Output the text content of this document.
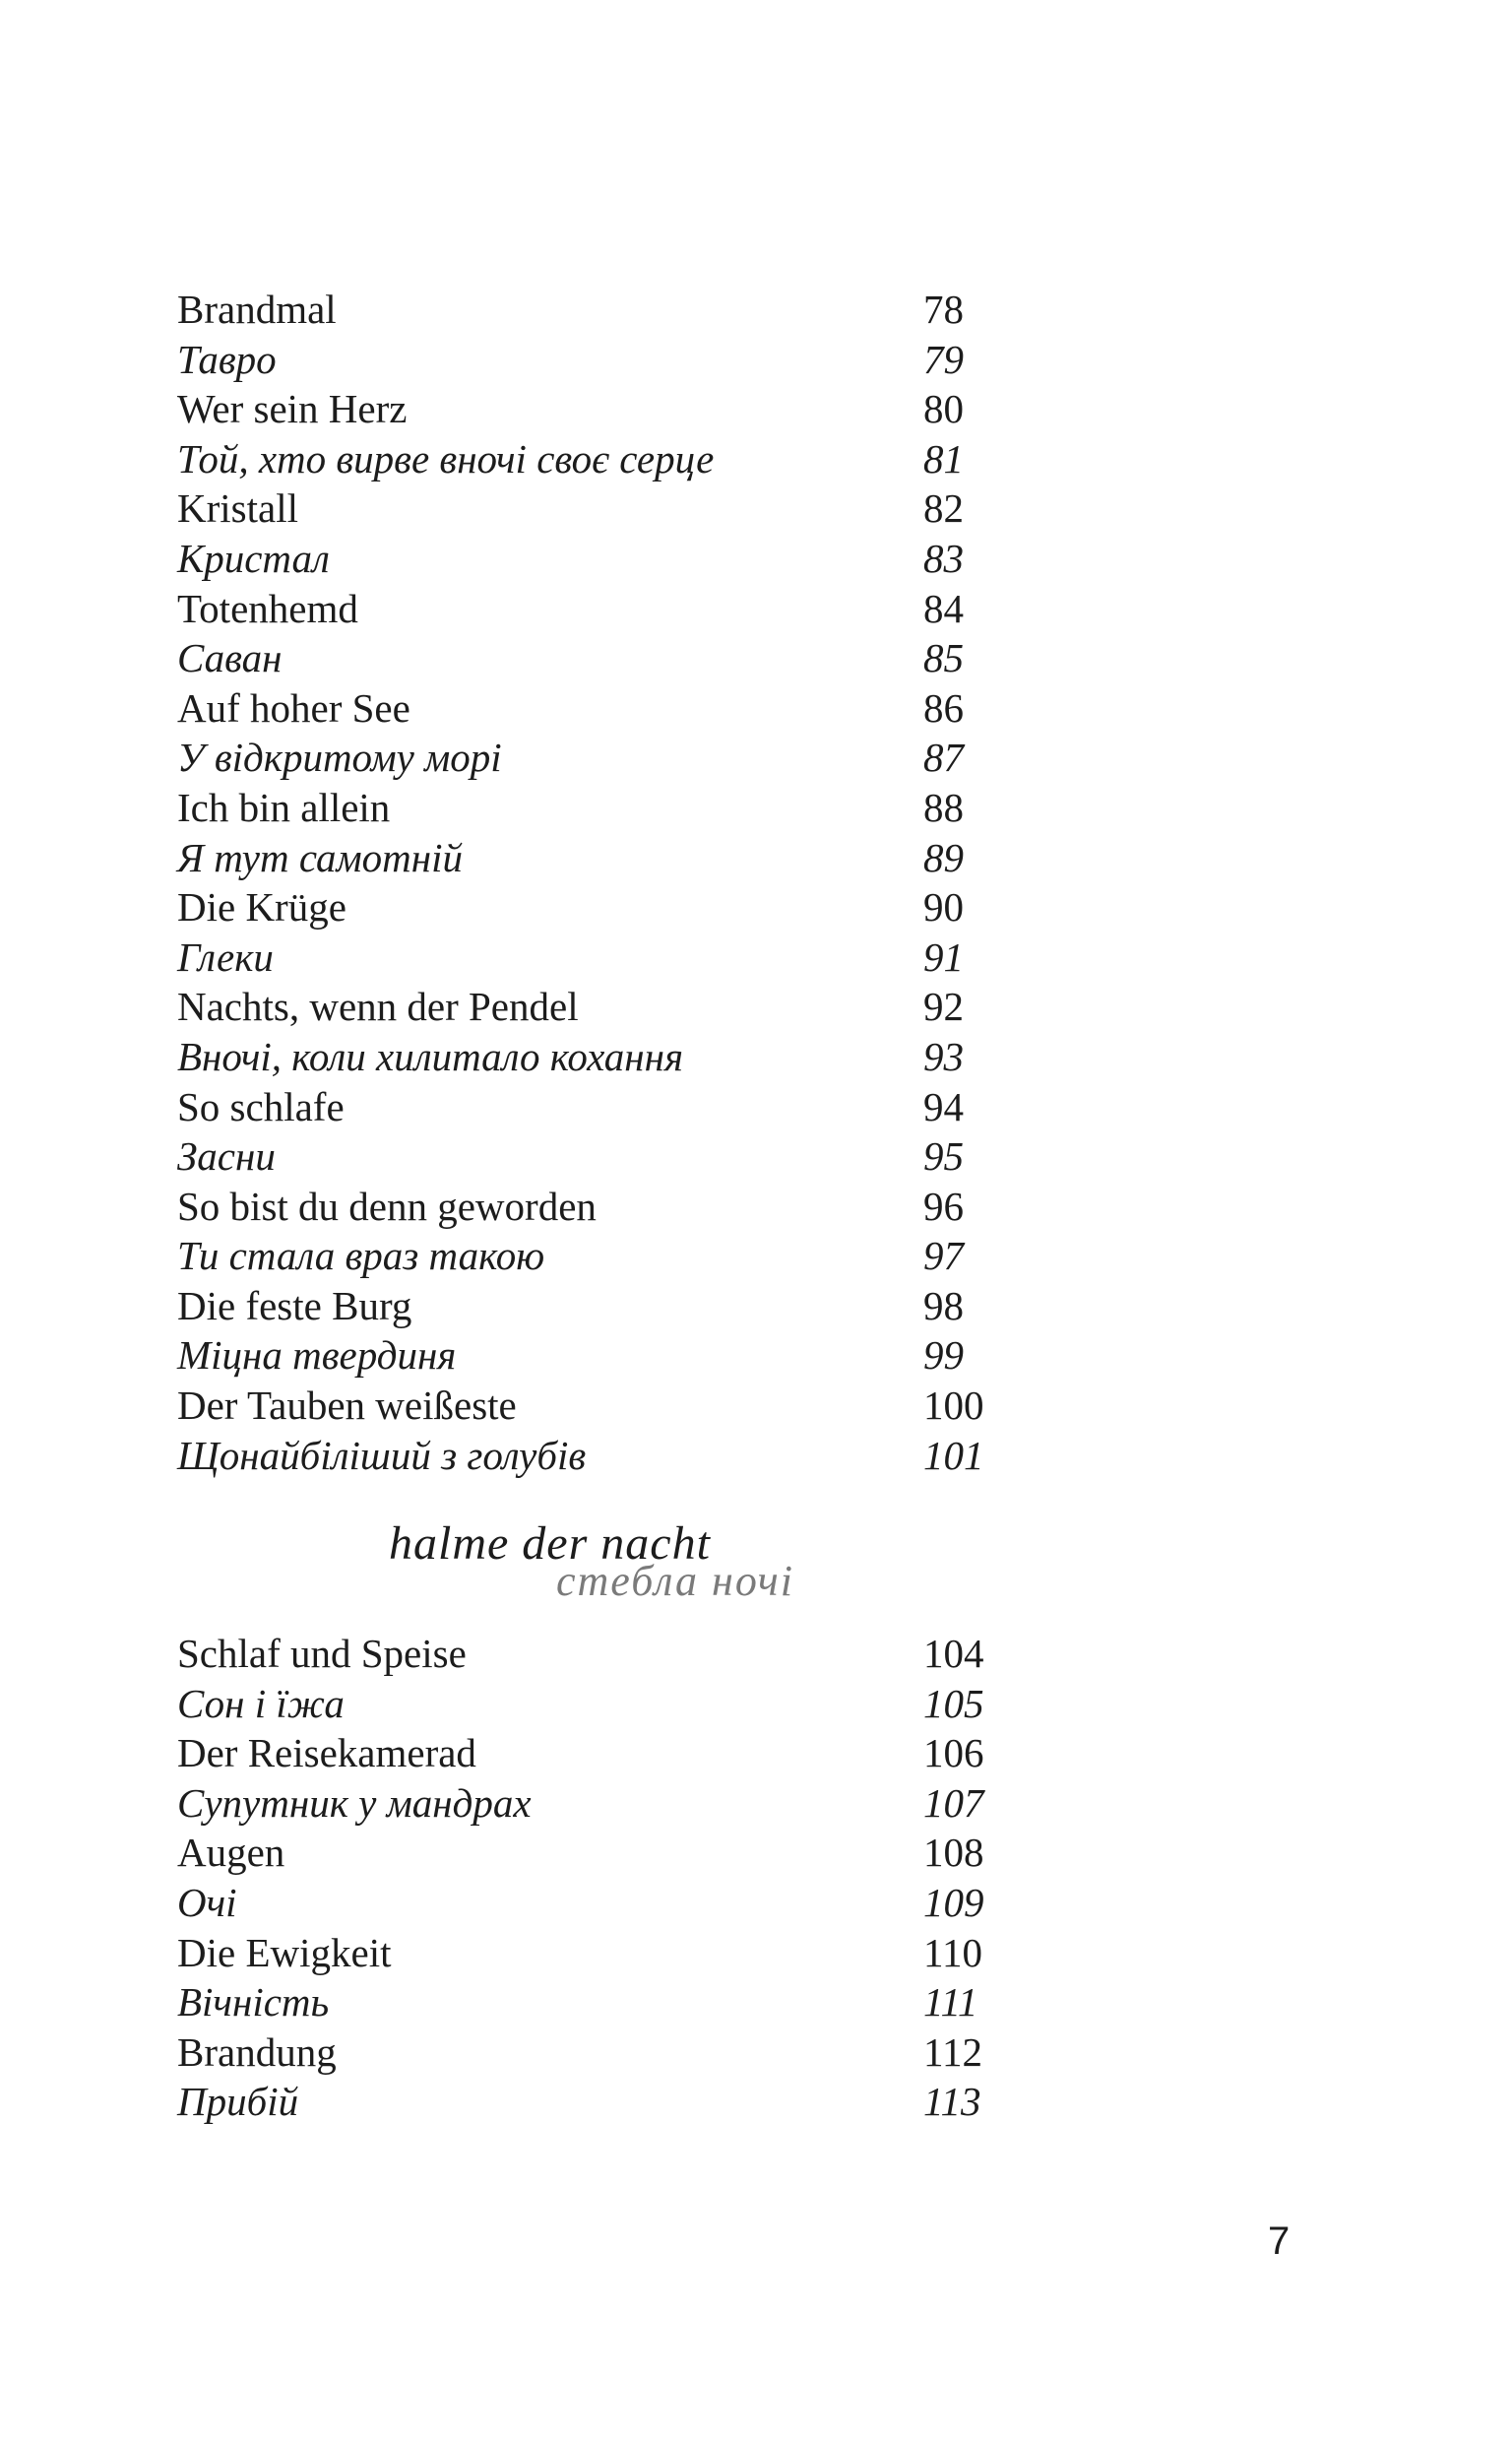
Brandmal	78
Тавро	79
Wer sein Herz	80
Той, хто вирве вночі своє серце	81
Kristall	82
Кристал	83
Totenhemd	84
Саван	85
Auf hoher See	86
У відкритому морі	87
Ich bin allein	88
Я тут самотній	89
Die Krüge	90
Глеки	91
Nachts, wenn der Pendel	92
Вночі, коли хилитало кохання	93
So schlafe	94
Засни	95
So bist du denn geworden	96
Ти стала враз такою	97
Die feste Burg	98
Міцна твердиня	99
Der Tauben weißeste	100
Щонайбіліший з голубів	101
halme der nacht
стебла ночі
Schlaf und Speise	104
Сон і їжа	105
Der Reisekamerad	106
Супутник у мандрах	107
Augen	108
Очі	109
Die Ewigkeit	110
Вічність	111
Brandung	112
Прибій	113
7
